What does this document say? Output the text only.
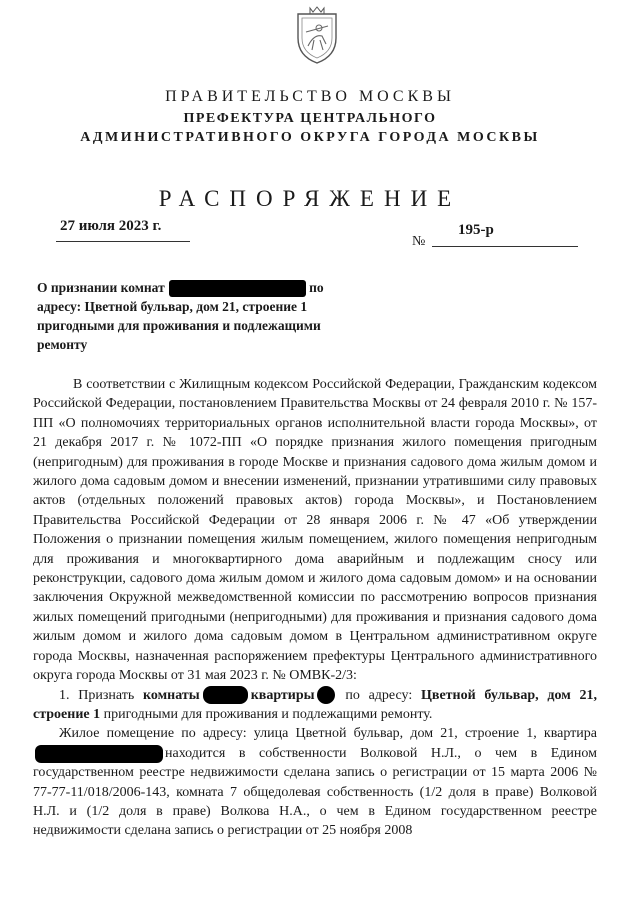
ПРАВИТЕЛЬСТВО МОСКВЫ
ПРЕФЕКТУРА ЦЕНТРАЛЬНОГО
АДМИНИСТРАТИВНОГО ОКРУГА ГОРОДА МОСКВЫ
РАСПОРЯЖЕНИЕ
27 июля 2023 г.	195-р
№
О признании комнат	по адресу: Цветной бульвар, дом 21, строение 1 пригодными для проживания и подлежащими ремонту

В соответствии с Жилищным кодексом Российской Федерации, Гражданским кодексом Российской Федерации, постановлением Правительства Москвы от 24 февраля 2010 г. № 157-ПП «О полномочиях территориальных органов исполнительной власти города Москвы», от 21 декабря 2017 г. № 1072-ПП «О порядке признания жилого помещения пригодным (непригодным) для проживания в городе Москве и признания садового дома жилым домом и жилого дома садовым домом и внесении изменений, признании утратившими силу правовых актов (отдельных положений правовых актов) города Москвы», и Постановлением Правительства Российской Федерации от 28 января 2006 г. № 47 «Об утверждении Положения о признании помещения жилым помещением, жилого помещения непригодным для проживания и многоквартирного дома аварийным и подлежащим сносу или реконструкции, садового дома жилым домом и жилого дома садовым домом» и на основании заключения Окружной межведомственной комиссии по рассмотрению вопросов признания жилых помещений пригодными (непригодными) для проживания и признания садового дома жилым домом и жилого дома садовым домом в Центральном административном округе города Москвы, назначенная распоряжением префектуры Центрального административного округа города Москвы от 31 мая 2023 г. № ОМВК-2/3:

1. Признать комнаты	квартиры по адресу: Цветной бульвар, дом 21, строение 1 пригодными для проживания и подлежащими ремонту.

Жилое помещение по адресу: улица Цветной бульвар, дом 21, строение 1, квартиранаходится в собственности Волковой Н.Л., о чем в Едином государственном реестре недвижимости сделана запись о регистрации от 15 марта 2006 № 77-77-11/018/2006-143, комната 7 общедолевая собственность (1/2 доля в праве) Волковой Н.Л. и (1/2 доля в праве) Волкова Н.А., о чем в Едином государственном реестре недвижимости сделана запись о регистрации от 25 ноября 2008
